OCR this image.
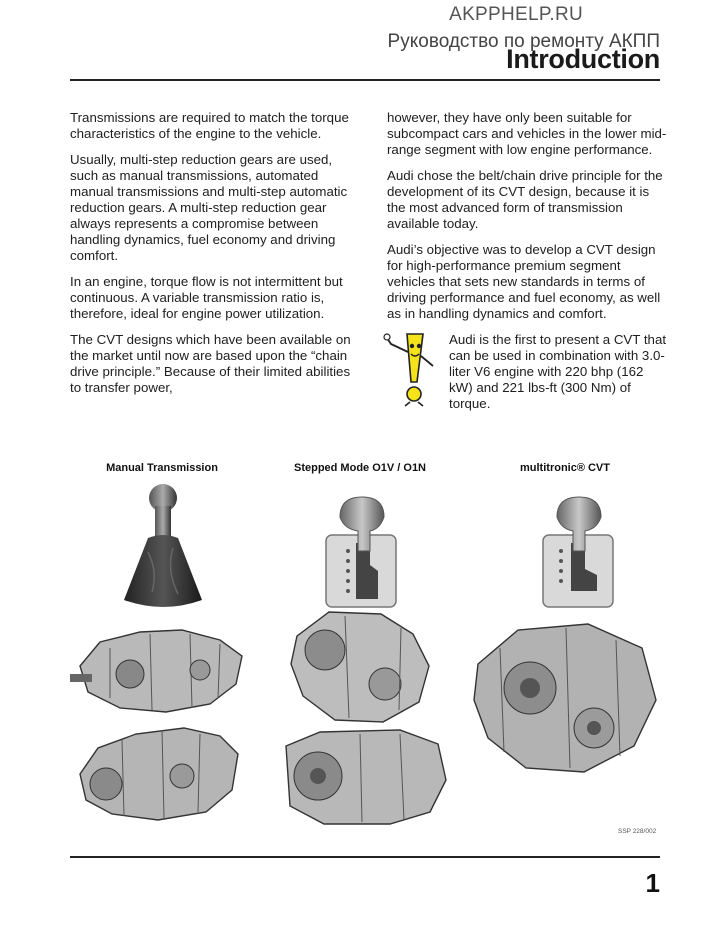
AKPPHELP.RU
Руководство по ремонту АКПП
Introduction

Transmissions are required to match the torque characteristics of the engine to the vehicle.

Usually, multi-step reduction gears are used, such as manual transmissions, automated manual transmissions and multi-step automatic reduction gears. A multi-step reduction gear always represents a compromise between handling dynamics, fuel economy and driving comfort.

In an engine, torque flow is not intermittent but continuous. A variable transmission ratio is, therefore, ideal for engine power utilization.

The CVT designs which have been available on the market until now are based upon the “chain drive principle.” Because of their limited abilities to transfer power,

however, they have only been suitable for subcompact cars and vehicles in the lower mid-range segment with low engine performance.

Audi chose the belt/chain drive principle for the development of its CVT design, because it is the most advanced form of transmission available today.

Audi’s objective was to develop a CVT design for high-performance premium segment vehicles that sets new standards in terms of driving performance and fuel economy, as well as in handling dynamics and comfort.

Audi is the first to present a CVT that can be used in combination with 3.0-liter V6 engine with 220 bhp (162 kW) and 221 lbs-ft (300 Nm) of torque.
Manual Transmission	Stepped Mode O1V / O1N	multitronic® CVT
SSP 228/002
1
